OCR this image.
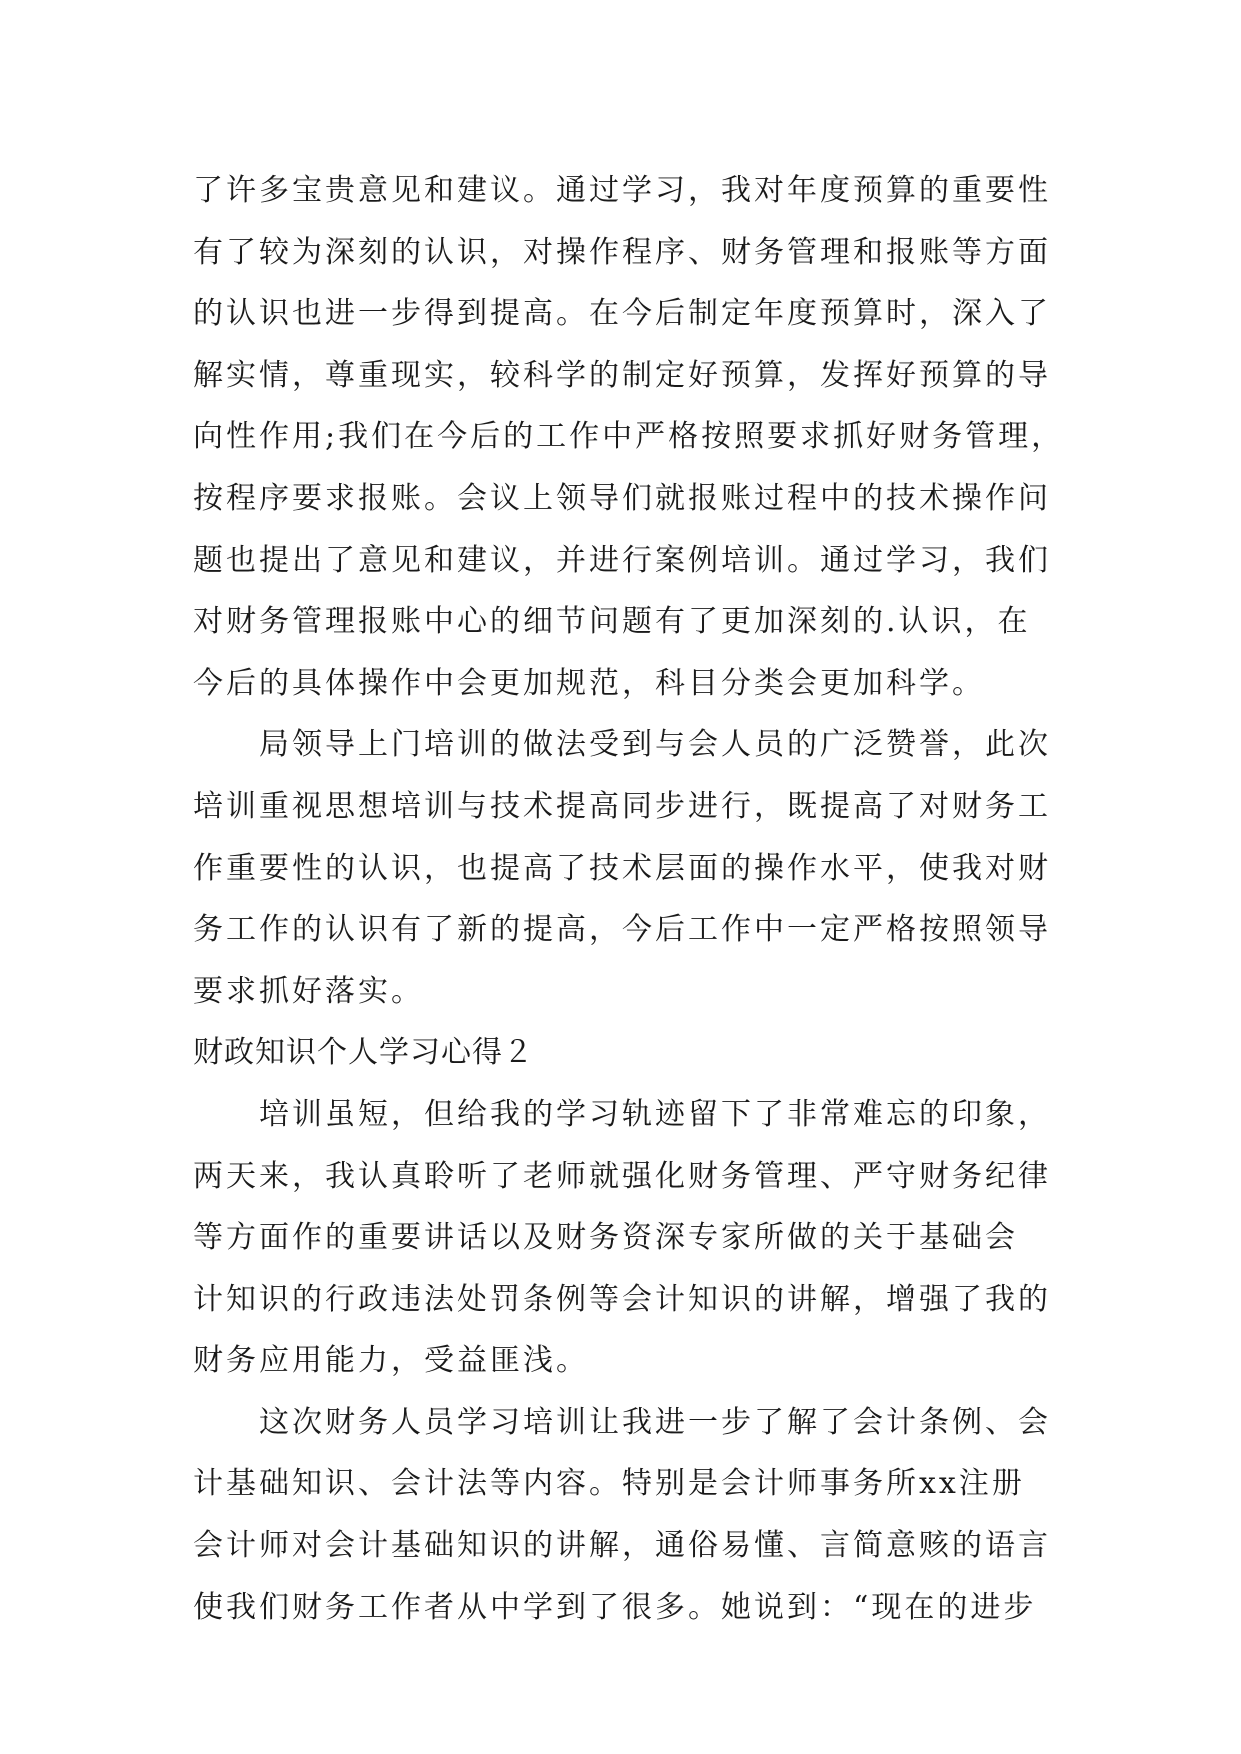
了许多宝贵意见和建议。通过学习，我对年度预算的重要性

有了较为深刻的认识，对操作程序、财务管理和报账等方面

的认识也进一步得到提高。在今后制定年度预算时，深入了

解实情，尊重现实，较科学的制定好预算，发挥好预算的导

向性作用;我们在今后的工作中严格按照要求抓好财务管理，

按程序要求报账。会议上领导们就报账过程中的技术操作问

题也提出了意见和建议，并进行案例培训。通过学习，我们

对财务管理报账中心的细节问题有了更加深刻的.认识，在

今后的具体操作中会更加规范，科目分类会更加科学。

局领导上门培训的做法受到与会人员的广泛赞誉，此次

培训重视思想培训与技术提高同步进行，既提高了对财务工

作重要性的认识，也提高了技术层面的操作水平，使我对财

务工作的认识有了新的提高，今后工作中一定严格按照领导

要求抓好落实。

财政知识个人学习心得２

培训虽短，但给我的学习轨迹留下了非常难忘的印象，

两天来，我认真聆听了老师就强化财务管理、严守财务纪律

等方面作的重要讲话以及财务资深专家所做的关于基础会

计知识的行政违法处罚条例等会计知识的讲解，增强了我的

财务应用能力，受益匪浅。

这次财务人员学习培训让我进一步了解了会计条例、会

计基础知识、会计法等内容。特别是会计师事务所xx注册

会计师对会计基础知识的讲解，通俗易懂、言简意赅的语言

使我们财务工作者从中学到了很多。她说到：“现在的进步
